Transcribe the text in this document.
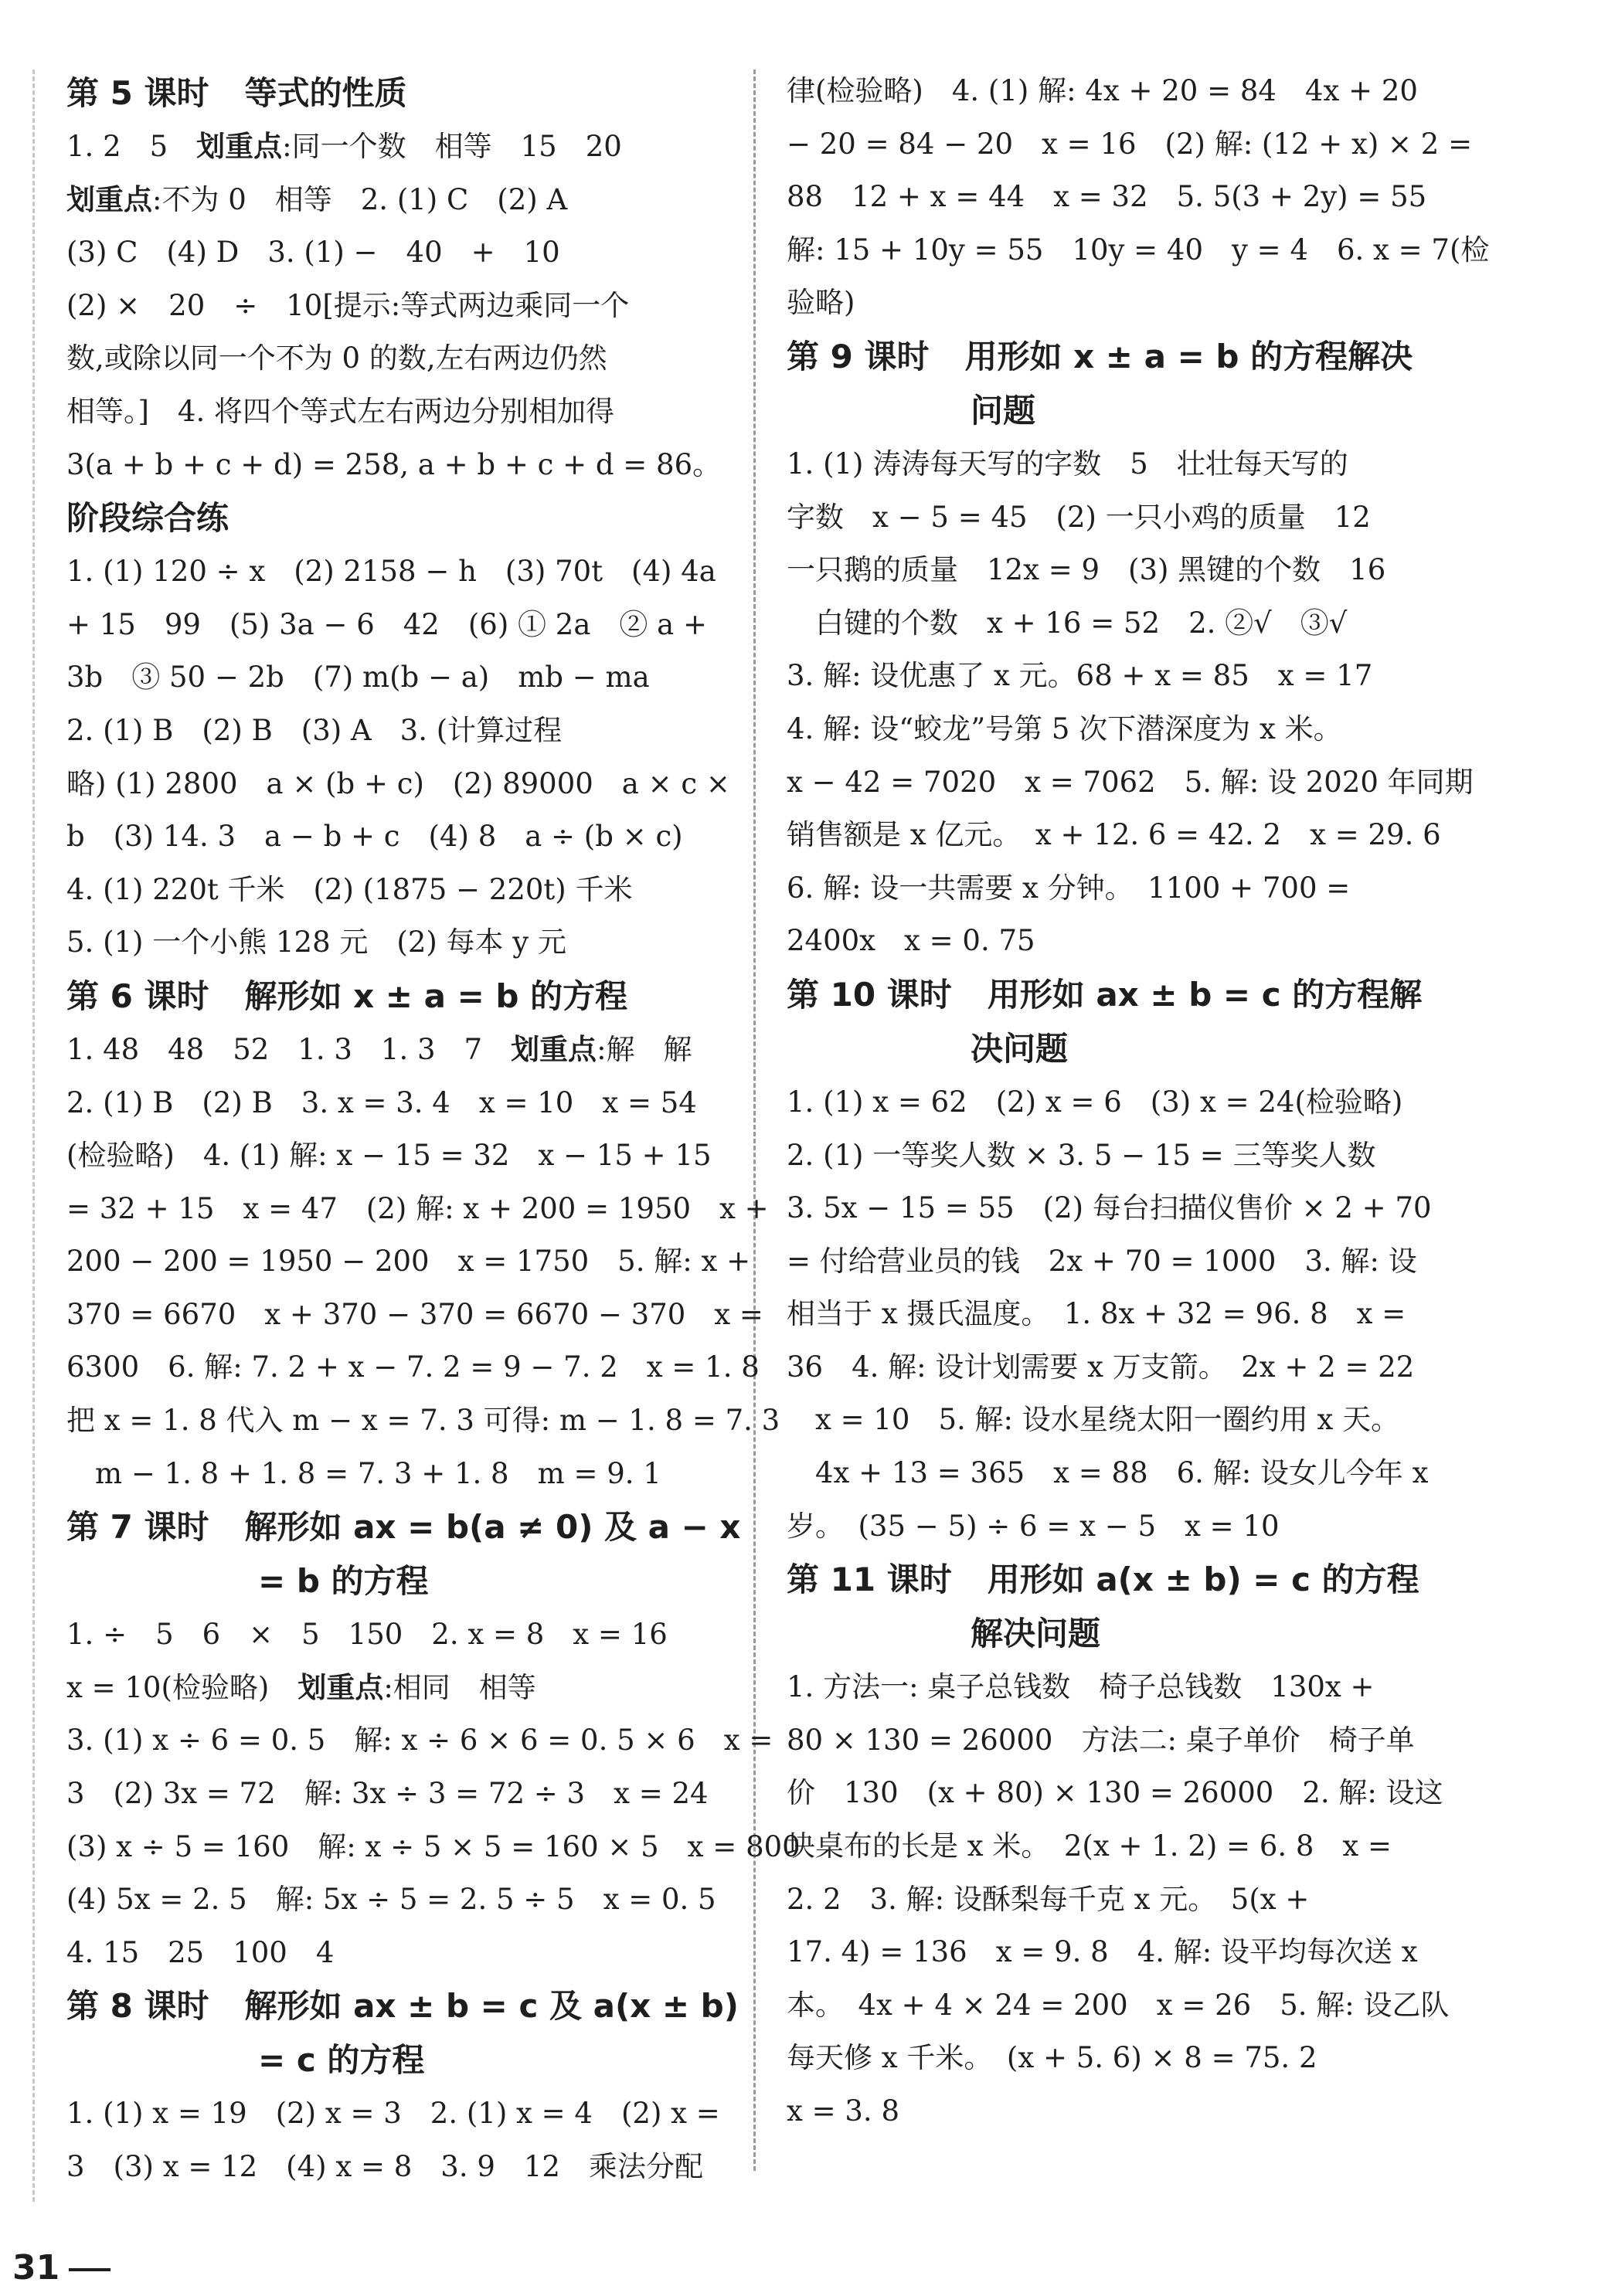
第 5 课时 等式的性质
1. 2　5　划重点:同一个数　相等　15　20
划重点:不为 0　相等　2. (1) C　(2) A
(3) C　(4) D　3. (1) −　40　+　10
(2) ×　20　÷　10[提示:等式两边乘同一个
数,或除以同一个不为 0 的数,左右两边仍然
相等。]　4. 将四个等式左右两边分别相加得
3(a + b + c + d) = 258, a + b + c + d = 86。
阶段综合练
1. (1) 120 ÷ x　(2) 2158 − h　(3) 70t　(4) 4a
+ 15　99　(5) 3a − 6　42　(6) ① 2a　② a +
3b　③ 50 − 2b　(7) m(b − a)　mb − ma
2. (1) B　(2) B　(3) A　3. (计算过程
略) (1) 2800　a × (b + c)　(2) 89000　a × c ×
b　(3) 14. 3　a − b + c　(4) 8　a ÷ (b × c)
4. (1) 220t 千米　(2) (1875 − 220t) 千米
5. (1) 一个小熊 128 元　(2) 每本 y 元
第 6 课时 解形如 x ± a = b 的方程
1. 48　48　52　1. 3　1. 3　7　划重点:解　解
2. (1) B　(2) B　3. x = 3. 4　x = 10　x = 54
(检验略)　4. (1) 解: x − 15 = 32　x − 15 + 15
= 32 + 15　x = 47　(2) 解: x + 200 = 1950　x +
200 − 200 = 1950 − 200　x = 1750　5. 解: x +
370 = 6670　x + 370 − 370 = 6670 − 370　x =
6300　6. 解: 7. 2 + x − 7. 2 = 9 − 7. 2　x = 1. 8
把 x = 1. 8 代入 m − x = 7. 3 可得: m − 1. 8 = 7. 3
　m − 1. 8 + 1. 8 = 7. 3 + 1. 8　m = 9. 1
第 7 课时 解形如 ax = b(a ≠ 0) 及 a − x
= b 的方程
1. ÷　5　6　×　5　150　2. x = 8　x = 16
x = 10(检验略)　划重点:相同　相等
3. (1) x ÷ 6 = 0. 5　解: x ÷ 6 × 6 = 0. 5 × 6　x =
3　(2) 3x = 72　解: 3x ÷ 3 = 72 ÷ 3　x = 24
(3) x ÷ 5 = 160　解: x ÷ 5 × 5 = 160 × 5　x = 800
(4) 5x = 2. 5　解: 5x ÷ 5 = 2. 5 ÷ 5　x = 0. 5
4. 15　25　100　4
第 8 课时 解形如 ax ± b = c 及 a(x ± b)
= c 的方程
1. (1) x = 19　(2) x = 3　2. (1) x = 4　(2) x =
3　(3) x = 12　(4) x = 8　3. 9　12　乘法分配
律(检验略)　4. (1) 解: 4x + 20 = 84　4x + 20
− 20 = 84 − 20　x = 16　(2) 解: (12 + x) × 2 =
88　12 + x = 44　x = 32　5. 5(3 + 2y) = 55
解: 15 + 10y = 55　10y = 40　y = 4　6. x = 7(检
验略)
第 9 课时 用形如 x ± a = b 的方程解决
问题
1. (1) 涛涛每天写的字数　5　壮壮每天写的
字数　x − 5 = 45　(2) 一只小鸡的质量　12
一只鹅的质量　12x = 9　(3) 黑键的个数　16
　白键的个数　x + 16 = 52　2. ②√　③√
3. 解: 设优惠了 x 元。68 + x = 85　x = 17
4. 解: 设“蛟龙”号第 5 次下潜深度为 x 米。
x − 42 = 7020　x = 7062　5. 解: 设 2020 年同期
销售额是 x 亿元。　x + 12. 6 = 42. 2　x = 29. 6
6. 解: 设一共需要 x 分钟。　1100 + 700 =
2400x　x = 0. 75
第 10 课时 用形如 ax ± b = c 的方程解
决问题
1. (1) x = 62　(2) x = 6　(3) x = 24(检验略)
2. (1) 一等奖人数 × 3. 5 − 15 = 三等奖人数
3. 5x − 15 = 55　(2) 每台扫描仪售价 × 2 + 70
= 付给营业员的钱　2x + 70 = 1000　3. 解: 设
相当于 x 摄氏温度。　1. 8x + 32 = 96. 8　x =
36　4. 解: 设计划需要 x 万支箭。　2x + 2 = 22
　x = 10　5. 解: 设水星绕太阳一圈约用 x 天。
　4x + 13 = 365　x = 88　6. 解: 设女儿今年 x
岁。　(35 − 5) ÷ 6 = x − 5　x = 10
第 11 课时 用形如 a(x ± b) = c 的方程
解决问题
1. 方法一: 桌子总钱数　椅子总钱数　130x +
80 × 130 = 26000　方法二: 桌子单价　椅子单
价　130　(x + 80) × 130 = 26000　2. 解: 设这
块桌布的长是 x 米。　2(x + 1. 2) = 6. 8　x =
2. 2　3. 解: 设酥梨每千克 x 元。　5(x +
17. 4) = 136　x = 9. 8　4. 解: 设平均每次送 x
本。　4x + 4 × 24 = 200　x = 26　5. 解: 设乙队
每天修 x 千米。　(x + 5. 6) × 8 = 75. 2
x = 3. 8
31
